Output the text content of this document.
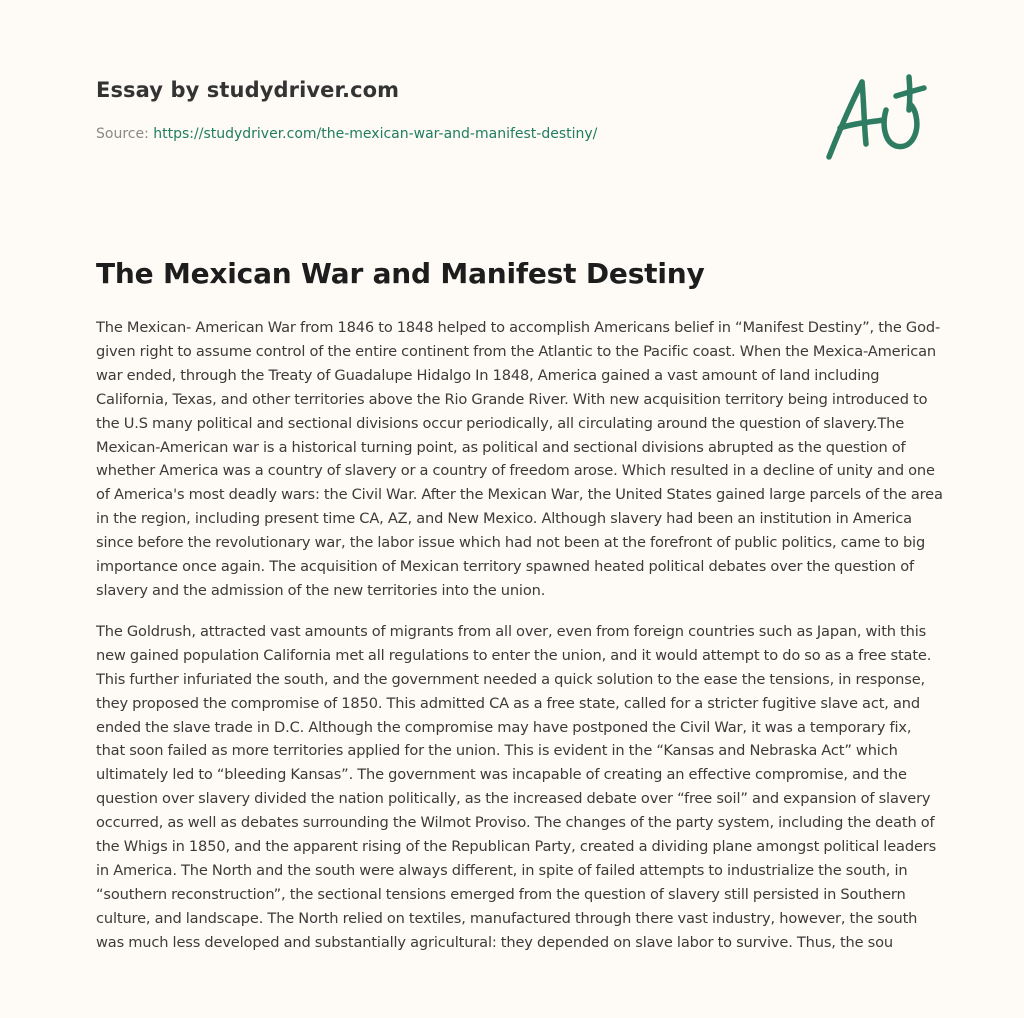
Essay by studydriver.com
Source: https://studydriver.com/the-mexican-war-and-manifest-destiny/
The Mexican War and Manifest Destiny

The Mexican- American War from 1846 to 1848 helped to accomplish Americans belief in “Manifest Destiny”, the God-given right to assume control of the entire continent from the Atlantic to the Pacific coast. When the Mexica-American war ended, through the Treaty of Guadalupe Hidalgo In 1848, America gained a vast amount of land including California, Texas, and other territories above the Rio Grande River. With new acquisition territory being introduced to the U.S many political and sectional divisions occur periodically, all circulating around the question of slavery.The Mexican-American war is a historical turning point, as political and sectional divisions abrupted as the question of whether America was a country of slavery or a country of freedom arose. Which resulted in a decline of unity and one of America's most deadly wars: the Civil War. After the Mexican War, the United States gained large parcels of the area in the region, including present time CA, AZ, and New Mexico. Although slavery had been an institution in America since before the revolutionary war, the labor issue which had not been at the forefront of public politics, came to big importance once again. The acquisition of Mexican territory spawned heated political debates over the question of slavery and the admission of the new territories into the union.

The Goldrush, attracted vast amounts of migrants from all over, even from foreign countries such as Japan, with this new gained population California met all regulations to enter the union, and it would attempt to do so as a free state. This further infuriated the south, and the government needed a quick solution to the ease the tensions, in response, they proposed the compromise of 1850. This admitted CA as a free state, called for a stricter fugitive slave act, and ended the slave trade in D.C. Although the compromise may have postponed the Civil War, it was a temporary fix, that soon failed as more territories applied for the union. This is evident in the “Kansas and Nebraska Act” which ultimately led to “bleeding Kansas”. The government was incapable of creating an effective compromise, and the question over slavery divided the nation politically, as the increased debate over “free soil” and expansion of slavery occurred, as well as debates surrounding the Wilmot Proviso. The changes of the party system, including the death of the Whigs in 1850, and the apparent rising of the Republican Party, created a dividing plane amongst political leaders in America. The North and the south were always different, in spite of failed attempts to industrialize the south, in “southern reconstruction”, the sectional tensions emerged from the question of slavery still persisted in Southern culture, and landscape. The North relied on textiles, manufactured through there vast industry, however, the south was much less developed and substantially agricultural: they depended on slave labor to survive. Thus, the sou
